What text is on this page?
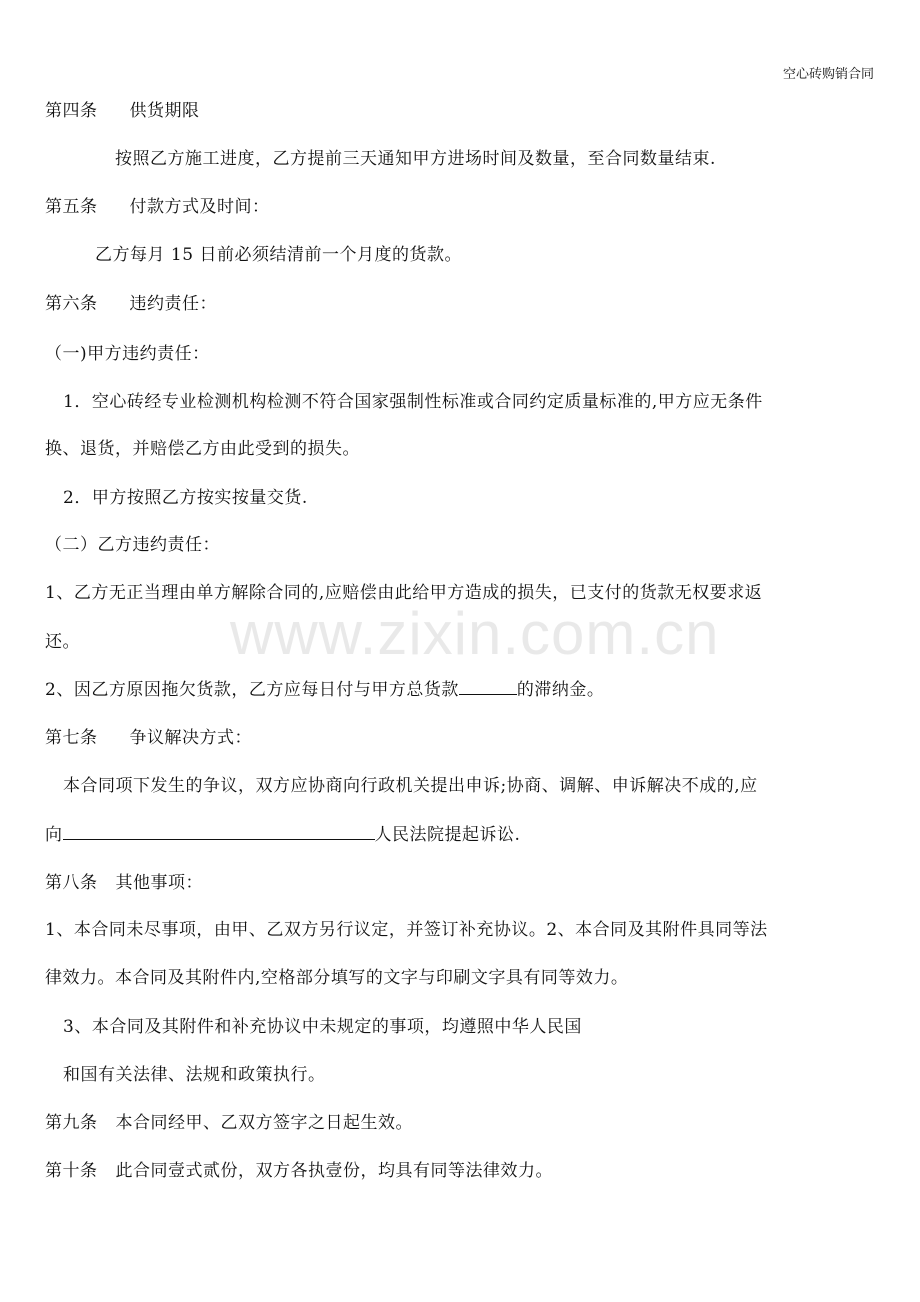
空心砖购销合同
第四条 供货期限
按照乙方施工进度，乙方提前三天通知甲方进场时间及数量，至合同数量结束.
第五条 付款方式及时间：
乙方每月 15 日前必须结清前一个月度的货款。
第六条 违约责任：
（一)甲方违约责任：
1．空心砖经专业检测机构检测不符合国家强制性标准或合同约定质量标准的,甲方应无条件
换、退货，并赔偿乙方由此受到的损失。
2．甲方按照乙方按实按量交货.
（二）乙方违约责任：
1、乙方无正当理由单方解除合同的,应赔偿由此给甲方造成的损失，已支付的货款无权要求返
还。
2、因乙方原因拖欠货款，乙方应每日付与甲方总货款	的滞纳金。
第七条 争议解决方式：
本合同项下发生的争议，双方应协商向行政机关提出申诉;协商、调解、申诉解决不成的,应
向	人民法院提起诉讼.
第八条 其他事项：
1、本合同未尽事项，由甲、乙双方另行议定，并签订补充协议。2、本合同及其附件具同等法
律效力。本合同及其附件内,空格部分填写的文字与印刷文字具有同等效力。
3、本合同及其附件和补充协议中未规定的事项，均遵照中华人民国
和国有关法律、法规和政策执行。
第九条 本合同经甲、乙双方签字之日起生效。
第十条 此合同壹式贰份，双方各执壹份，均具有同等法律效力。
www.zixin.com.cn
